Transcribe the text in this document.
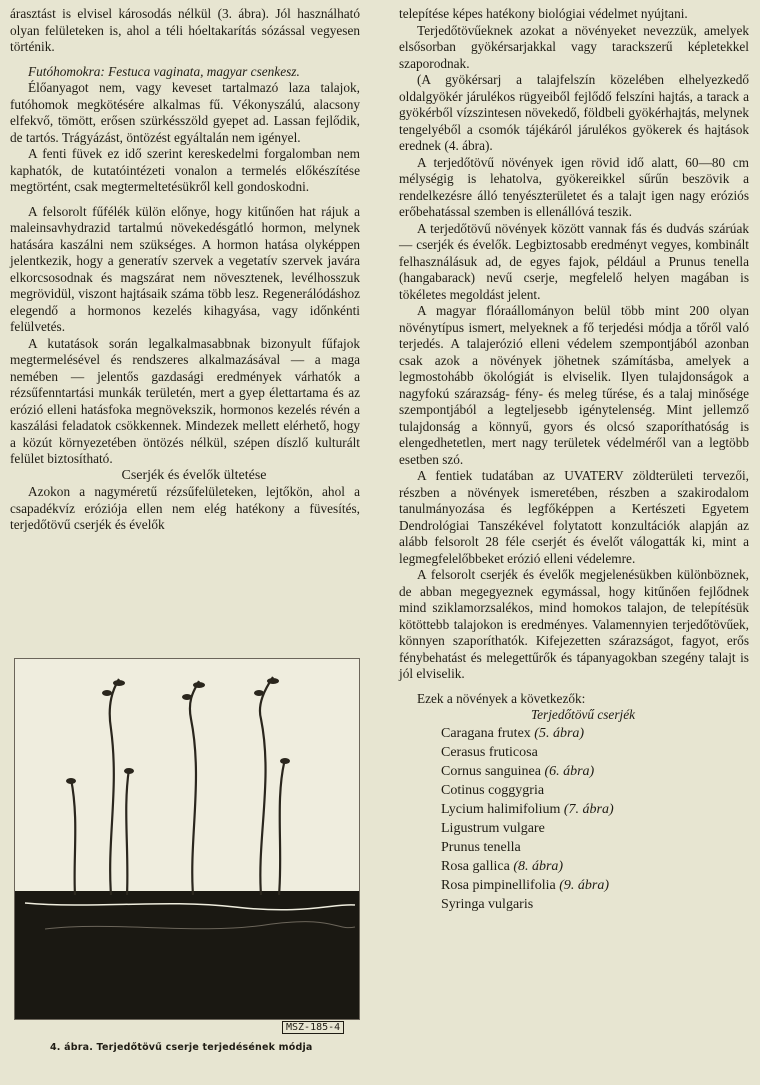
árasztást is elvisel károsodás nélkül (3. ábra). Jól használható olyan felületeken is, ahol a téli hóeltakarítás sózással vegyesen történik.

Futóhomokra: Festuca vaginata, magyar csenkesz.

Élőanyagot nem, vagy keveset tartalmazó laza talajok, futóhomok megkötésére alkalmas fű. Vékonyszálú, alacsony elfekvő, tömött, erősen szürkésszöld gyepet ad. Lassan fejlődik, de tartós. Trágyázást, öntözést egyáltalán nem igényel.

A fenti füvek ez idő szerint kereskedelmi forgalomban nem kaphatók, de kutatóintézeti vonalon a termelés előkészítése megtörtént, csak megtermeltetésükről kell gondoskodni.

A felsorolt fűfélék külön előnye, hogy kitűnően hat rájuk a maleinsavhydrazid tartalmú növekedésgátló hormon, melynek hatására kaszálni nem szükséges. A hormon hatása olyképpen jelentkezik, hogy a generatív szervek a vegetatív szervek javára elkorcsosodnak és magszárat nem növesztenek, levélhosszuk megrövidül, viszont hajtásaik száma több lesz. Regenerálódáshoz elegendő a hormonos kezelés kihagyása, vagy időnkénti felülvetés.

A kutatások során legalkalmasabbnak bizonyult fűfajok megtermelésével és rendszeres alkalmazásával — a maga nemében — jelentős gazdasági eredmények várhatók a rézsűfenntartási munkák területén, mert a gyep élettartama és az erózió elleni hatásfoka megnövekszik, hormonos kezelés révén a kaszálási feladatok csökkennek. Mindezek mellett elérhető, hogy a közút környezetében öntözés nélkül, szépen díszlő kulturált felület biztosítható.

Cserjék és évelők ültetése

Azokon a nagyméretű rézsűfelületeken, lejtőkön, ahol a csapadékvíz eróziója ellen nem elég hatékony a füvesítés, terjedőtövű cserjék és évelők

MSZ-185-4
4. ábra. Terjedőtövű cserje terjedésének módja

telepítése képes hatékony biológiai védelmet nyújtani.

Terjedőtövűeknek azokat a növényeket nevezzük, amelyek elsősorban gyökérsarjakkal vagy tarackszerű képletekkel szaporodnak.

(A gyökérsarj a talajfelszín közelében elhelyezkedő oldalgyökér járulékos rügyeiből fejlődő felszíni hajtás, a tarack a gyökérből vízszintesen növekedő, földbeli gyökérhajtás, melynek tengelyéből a csomók tájékáról járulékos gyökerek és hajtások erednek (4. ábra).

A terjedőtövű növények igen rövid idő alatt, 60—80 cm mélységig is lehatolva, gyökereikkel sűrűn beszövik a rendelkezésre álló tenyészterületet és a talajt igen nagy eróziós erőbehatással szemben is ellenállóvá teszik.

A terjedőtövű növények között vannak fás és dudvás szárúak — cserjék és évelők. Legbiztosabb eredményt vegyes, kombinált felhasználásuk ad, de egyes fajok, például a Prunus tenella (hangabarack) nevű cserje, megfelelő helyen magában is tökéletes megoldást jelent.

A magyar flóraállományon belül több mint 200 olyan növénytípus ismert, melyeknek a fő terjedési módja a tőről való terjedés. A talajerózió elleni védelem szempontjából azonban csak azok a növények jöhetnek számításba, amelyek a legmostohább ökológiát is elviselik. Ilyen tulajdonságok a nagyfokú szárazság- fény- és meleg tűrése, és a talaj minősége szempontjából a legteljesebb igénytelenség. Mint jellemző tulajdonság a könnyű, gyors és olcsó szaporíthatóság is elengedhetetlen, mert nagy területek védelméről van a legtöbb esetben szó.

A fentiek tudatában az UVATERV zöldterületi tervezői, részben a növények ismeretében, részben a szakirodalom tanulmányozása és legfőképpen a Kertészeti Egyetem Dendrológiai Tanszékével folytatott konzultációk alapján az alább felsorolt 28 féle cserjét és évelőt válogatták ki, mint a legmegfelelőbbeket erózió elleni védelemre.

A felsorolt cserjék és évelők megjelenésükben különböznek, de abban megegyeznek egymással, hogy kitűnően fejlődnek mind sziklamorzsalékos, mind homokos talajon, de telepítésük kötöttebb talajokon is eredményes. Valamennyien terjedőtövűek, könnyen szaporíthatók. Kifejezetten szárazságot, fagyot, erős fénybehatást és melegettűrők és tápanyagokban szegény talajt is jól elviselik.

Ezek a növények a következők:

Terjedőtövű cserjék

Caragana frutex (5. ábra)
Cerasus fruticosa
Cornus sanguinea (6. ábra)
Cotinus coggygria
Lycium halimifolium (7. ábra)
Ligustrum vulgare
Prunus tenella
Rosa gallica (8. ábra)
Rosa pimpinellifolia (9. ábra)
Syringa vulgaris
